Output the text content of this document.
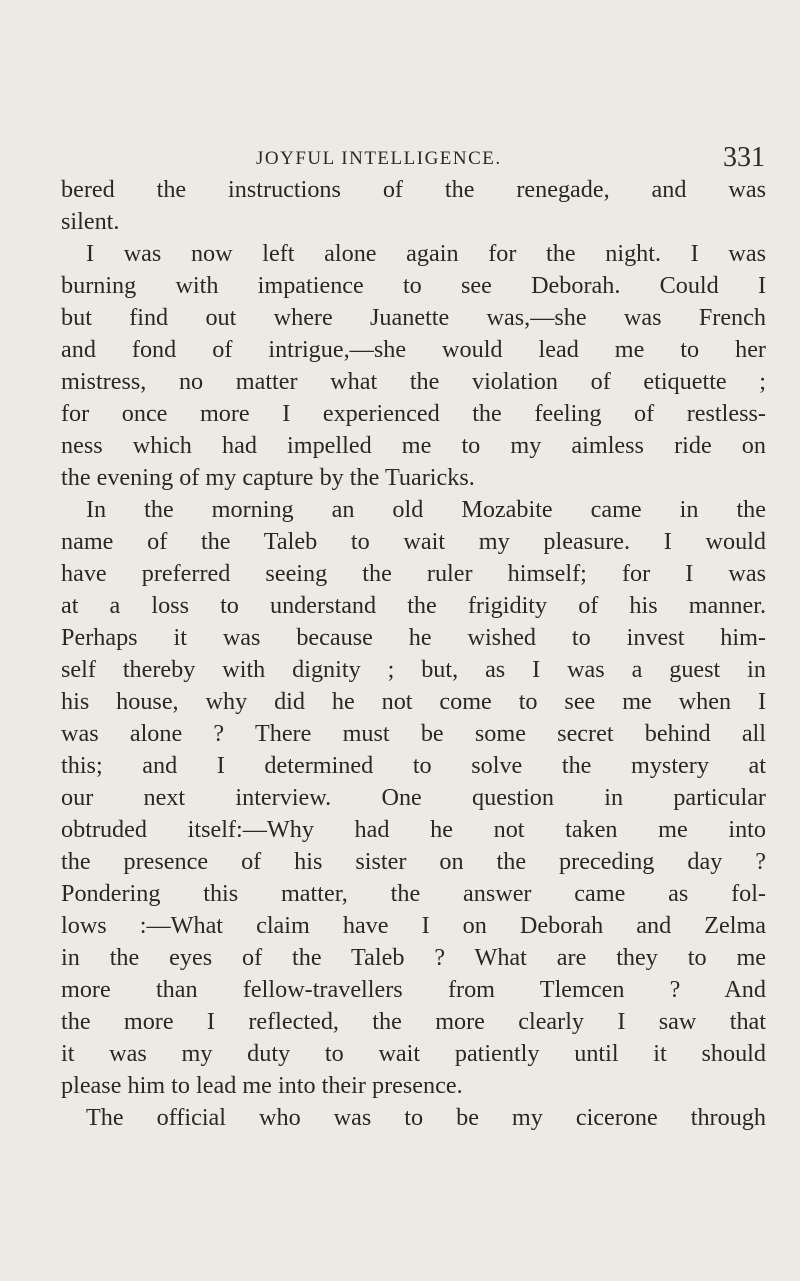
JOYFUL INTELLIGENCE.	331
bered the instructions of the renegade, and was
silent.
I was now left alone again for the night. I was
burning with impatience to see Deborah. Could I
but find out where Juanette was,—she was French
and fond of intrigue,—she would lead me to her
mistress, no matter what the violation of etiquette ;
for once more I experienced the feeling of restless-
ness which had impelled me to my aimless ride on
the evening of my capture by the Tuaricks.
In the morning an old Mozabite came in the
name of the Taleb to wait my pleasure. I would
have preferred seeing the ruler himself; for I was
at a loss to understand the frigidity of his manner.
Perhaps it was because he wished to invest him-
self thereby with dignity ; but, as I was a guest in
his house, why did he not come to see me when I
was alone ? There must be some secret behind all
this; and I determined to solve the mystery at
our next interview. One question in particular
obtruded itself:—Why had he not taken me into
the presence of his sister on the preceding day ?
Pondering this matter, the answer came as fol-
lows :—What claim have I on Deborah and Zelma
in the eyes of the Taleb ? What are they to me
more than fellow-travellers from Tlemcen ? And
the more I reflected, the more clearly I saw that
it was my duty to wait patiently until it should
please him to lead me into their presence.
The official who was to be my cicerone through
